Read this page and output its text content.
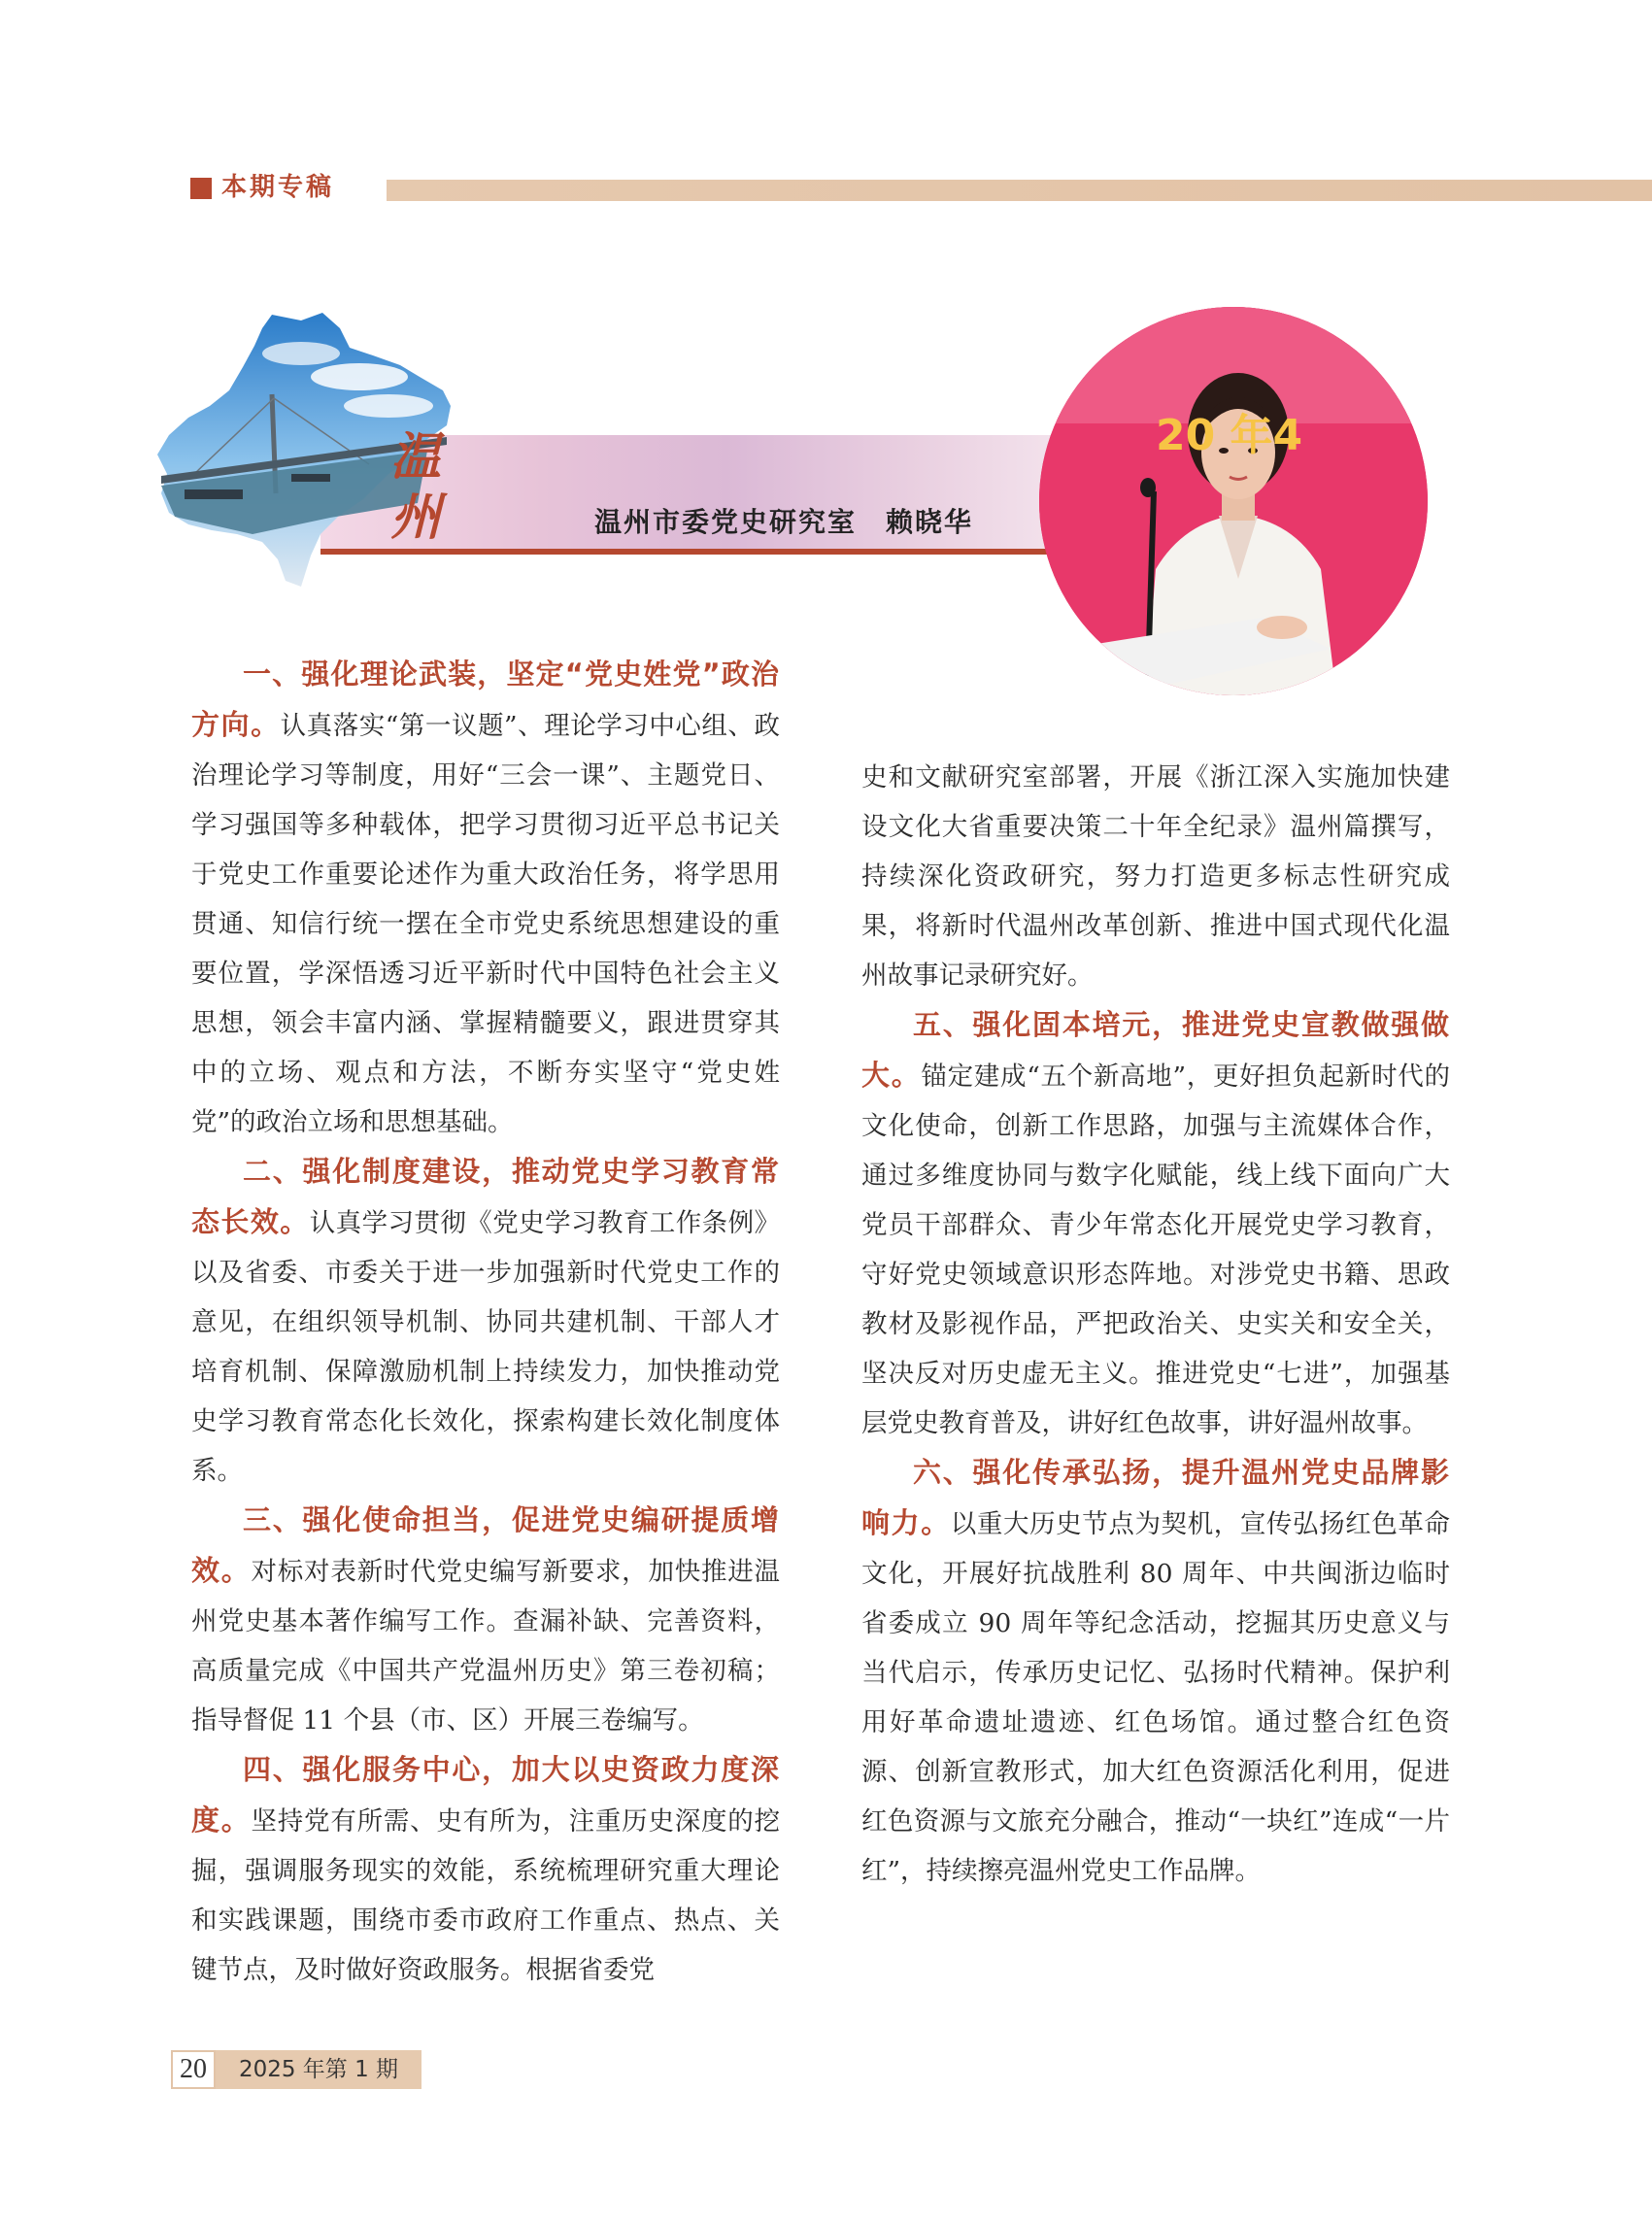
本期专稿
温州	温州市委党史研究室 赖晓华
20 年4

一、强化理论武装，坚定“党史姓党”政治方向。认真落实“第一议题”、理论学习中心组、政治理论学习等制度，用好“三会一课”、主题党日、学习强国等多种载体，把学习贯彻习近平总书记关于党史工作重要论述作为重大政治任务，将学思用贯通、知信行统一摆在全市党史系统思想建设的重要位置，学深悟透习近平新时代中国特色社会主义思想，领会丰富内涵、掌握精髓要义，跟进贯穿其中的立场、观点和方法，不断夯实坚守“党史姓党”的政治立场和思想基础。

二、强化制度建设，推动党史学习教育常态长效。认真学习贯彻《党史学习教育工作条例》以及省委、市委关于进一步加强新时代党史工作的意见，在组织领导机制、协同共建机制、干部人才培育机制、保障激励机制上持续发力，加快推动党史学习教育常态化长效化，探索构建长效化制度体系。

三、强化使命担当，促进党史编研提质增效。对标对表新时代党史编写新要求，加快推进温州党史基本著作编写工作。查漏补缺、完善资料，高质量完成《中国共产党温州历史》第三卷初稿；指导督促 11 个县（市、区）开展三卷编写。

四、强化服务中心，加大以史资政力度深度。坚持党有所需、史有所为，注重历史深度的挖掘，强调服务现实的效能，系统梳理研究重大理论和实践课题，围绕市委市政府工作重点、热点、关键节点，及时做好资政服务。根据省委党

史和文献研究室部署，开展《浙江深入实施加快建设文化大省重要决策二十年全纪录》温州篇撰写，持续深化资政研究，努力打造更多标志性研究成果，将新时代温州改革创新、推进中国式现代化温州故事记录研究好。

五、强化固本培元，推进党史宣教做强做大。锚定建成“五个新高地”，更好担负起新时代的文化使命，创新工作思路，加强与主流媒体合作，通过多维度协同与数字化赋能，线上线下面向广大党员干部群众、青少年常态化开展党史学习教育，守好党史领域意识形态阵地。对涉党史书籍、思政教材及影视作品，严把政治关、史实关和安全关，坚决反对历史虚无主义。推进党史“七进”，加强基层党史教育普及，讲好红色故事，讲好温州故事。

六、强化传承弘扬，提升温州党史品牌影响力。以重大历史节点为契机，宣传弘扬红色革命文化，开展好抗战胜利 80 周年、中共闽浙边临时省委成立 90 周年等纪念活动，挖掘其历史意义与当代启示，传承历史记忆、弘扬时代精神。保护利用好革命遗址遗迹、红色场馆。通过整合红色资源、创新宣教形式，加大红色资源活化利用，促进红色资源与文旅充分融合，推动“一块红”连成“一片红”，持续擦亮温州党史工作品牌。

20	2025 年第 1 期
